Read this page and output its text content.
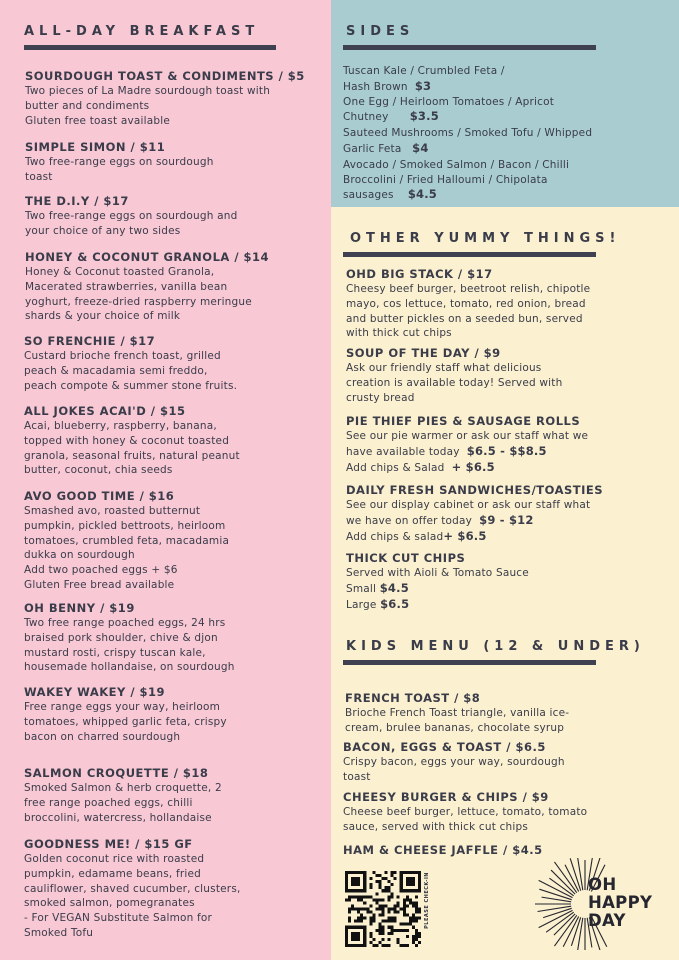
ALL-DAY BREAKFAST
SOURDOUGH TOAST & CONDIMENTS / $5
Two pieces of La Madre sourdough toast with
butter and condiments
Gluten free toast available
SIMPLE SIMON / $11
Two free-range eggs on sourdough
toast
THE D.I.Y / $17
Two free-range eggs on sourdough and
your choice of any two sides
HONEY & COCONUT GRANOLA / $14
Honey & Coconut toasted Granola,
Macerated strawberries, vanilla bean
yoghurt, freeze-dried raspberry meringue
shards & your choice of milk
SO FRENCHIE / $17
Custard brioche french toast, grilled
peach & macadamia semi freddo,
peach compote & summer stone fruits.
ALL JOKES ACAI'D / $15
Acai, blueberry, raspberry, banana,
topped with honey & coconut toasted
granola, seasonal fruits, natural peanut
butter, coconut, chia seeds
AVO GOOD TIME / $16
Smashed avo, roasted butternut
pumpkin, pickled bettroots, heirloom
tomatoes, crumbled feta, macadamia
dukka on sourdough
Add two poached eggs + $6
Gluten Free bread available
OH BENNY / $19
Two free range poached eggs, 24 hrs
braised pork shoulder, chive & djon
mustard rosti, crispy tuscan kale,
housemade hollandaise, on sourdough
WAKEY WAKEY / $19
Free range eggs your way, heirloom
tomatoes, whipped garlic feta, crispy
bacon on charred sourdough
SALMON CROQUETTE / $18
Smoked Salmon & herb croquette, 2
free range poached eggs, chilli
broccolini, watercress, hollandaise
GOODNESS ME! / $15 GF
Golden coconut rice with roasted
pumpkin, edamame beans, fried
cauliflower, shaved cucumber, clusters,
smoked salmon, pomegranates
- For VEGAN Substitute Salmon for
Smoked Tofu
SIDES
Tuscan Kale / Crumbled Feta /
Hash Brown $3
One Egg / Heirloom Tomatoes / Apricot
Chutney $3.5
Sauteed Mushrooms / Smoked Tofu / Whipped
Garlic Feta $4
Avocado / Smoked Salmon / Bacon / Chilli
Broccolini / Fried Halloumi / Chipolata
sausages $4.5
OTHER YUMMY THINGS!
OHD BIG STACK / $17
Cheesy beef burger, beetroot relish, chipotle
mayo, cos lettuce, tomato, red onion, bread
and butter pickles on a seeded bun, served
with thick cut chips
SOUP OF THE DAY / $9
Ask our friendly staff what delicious
creation is available today! Served with
crusty bread
PIE THIEF PIES & SAUSAGE ROLLS
See our pie warmer or ask our staff what we
have available today $6.5 - $$8.5
Add chips & Salad + $6.5
DAILY FRESH SANDWICHES/TOASTIES
See our display cabinet or ask our staff what
we have on offer today $9 - $12
Add chips & salad+ $6.5
THICK CUT CHIPS
Served with Aioli & Tomato Sauce
Small $4.5
Large $6.5
KIDS MENU (12 & UNDER)
FRENCH TOAST / $8
Brioche French Toast triangle, vanilla ice-
cream, brulee bananas, chocolate syrup
BACON, EGGS & TOAST / $6.5
Crispy bacon, eggs your way, sourdough
toast
CHEESY BURGER & CHIPS / $9
Cheese beef burger, lettuce, tomato, tomato
sauce, served with thick cut chips
HAM & CHEESE JAFFLE / $4.5
PLEASE CHECK-IN	OH
HAPPY
DAY
